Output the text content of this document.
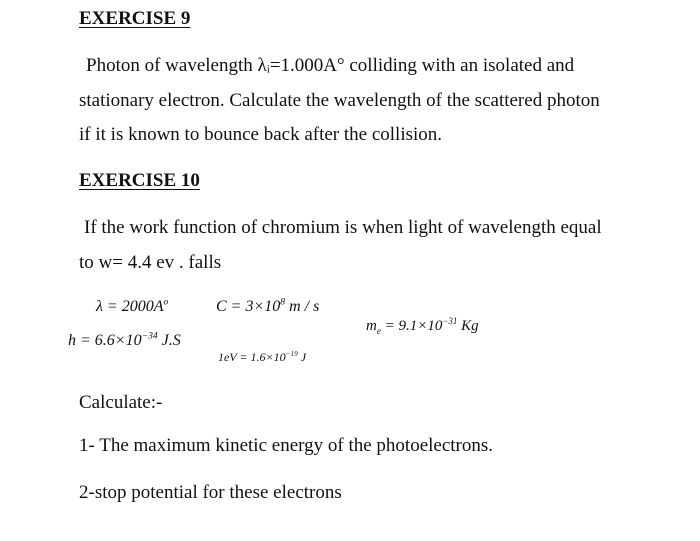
EXERCISE 9
Photon of wavelength λᵢ=1.000A° colliding with an isolated and
stationary electron. Calculate the wavelength of the scattered photon
if it is known to bounce back after the collision.
EXERCISE 10
If the work function of chromium is when light of wavelength equal
to w= 4.4 ev . falls
$\lambda = 2000A^o$	$C = 3\times 10^8$ m / s
$m_e = 9.1\times 10^{-31}$ Kg
$h = 6.6\times 10^{-34}$ J.S
$1eV = 1.6\times 10^{-19}$ J
Calculate:-
1- The maximum kinetic energy of the photoelectrons.
2-stop potential for these electrons
